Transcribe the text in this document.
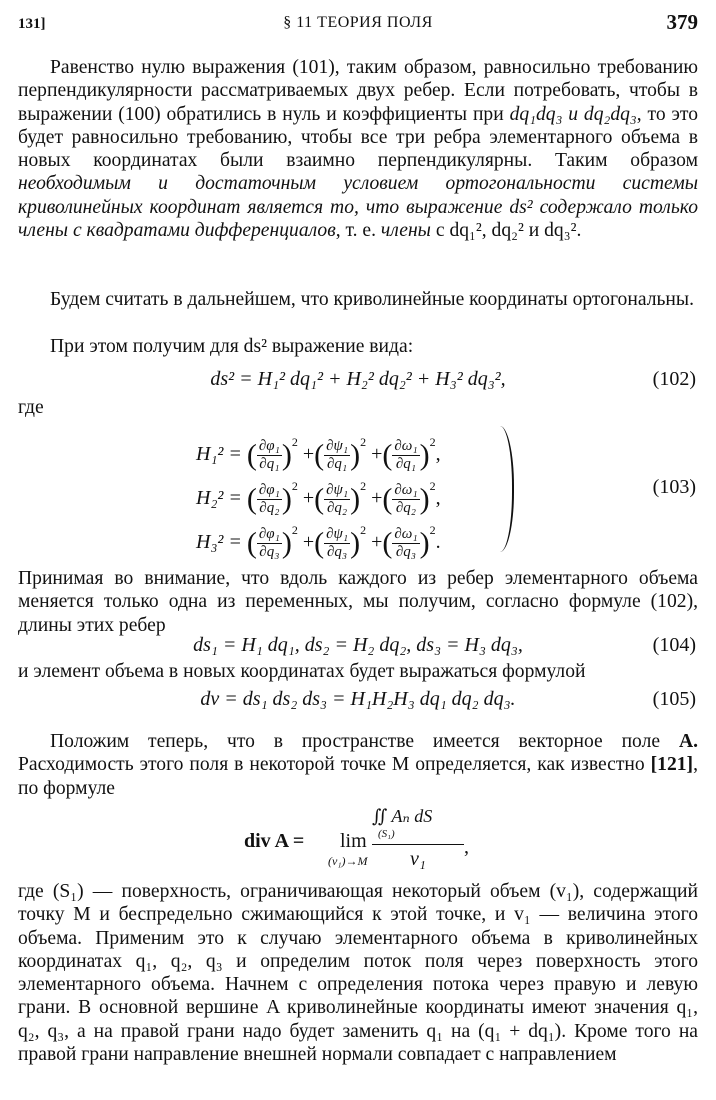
131]	§ 11 ТЕОРИЯ ПОЛЯ	379
Равенство нулю выражения (101), таким образом, равносильно требованию перпендикулярности рассматриваемых двух ребер. Если потребовать, чтобы в выражении (100) обратились в нуль и коэффициенты при dq₁dq₃ и dq₂dq₃, то это будет равносильно требованию, чтобы все три ребра элементарного объема в новых координатах были взаимно перпендикулярны. Таким образом необходимым и достаточным условием ортогональности системы криволинейных координат является то, что выражение ds² содержало только члены с квадратами дифференциалов, т. е. члены с dq₁², dq₂² и dq₃².
Будем считать в дальнейшем, что криволинейные координаты ортогональны.
При этом получим для ds² выражение вида:
ds² = H₁² dq₁² + H₂² dq₂² + H₃² dq₃²,	(102)
где
H₁² = ( $\frac{\text{∂φ₁}}{\text{∂q₁}} )^2$ +( $\frac{\text{∂ψ₁}}{\text{∂q₁}} )^2$ +( $\frac{\text{∂ω₁}}{\text{∂q₁}} )^2$,
H₂² = ( $\frac{\text{∂φ₁}}{\text{∂q₂}} )^2$ +( $\frac{\text{∂ψ₁}}{\text{∂q₂}} )^2$ +( $\frac{\text{∂ω₁}}{\text{∂q₂}} )^2$,
H₃² = ( $\frac{\text{∂φ₁}}{\text{∂q₃}} )^2$ +( $\frac{\text{∂ψ₁}}{\text{∂q₃}} )^2$ +( $\frac{\text{∂ω₁}}{\text{∂q₃}} )^2$.
(103)
Принимая во внимание, что вдоль каждого из ребер элементарного объема меняется только одна из переменных, мы получим, согласно формуле (102), длины этих ребер
ds₁ = H₁ dq₁, ds₂ = H₂ dq₂, ds₃ = H₃ dq₃,	(104)
и элемент объема в новых координатах будет выражаться формулой
dv = ds₁ ds₂ ds₃ = H₁H₂H₃ dq₁ dq₂ dq₃.	(105)
Положим теперь, что в пространстве имеется векторное поле A. Расходимость этого поля в некоторой точке M определяется, как известно [121], по формуле
div A = lim
(v₁)→M
∬ Aₙ dS
(S₁)
v₁
,
где (S₁) — поверхность, ограничивающая некоторый объем (v₁), содержащий точку M и беспредельно сжимающийся к этой точке, и v₁ — величина этого объема. Применим это к случаю элементарного объема в криволинейных координатах q₁, q₂, q₃ и определим поток поля через поверхность этого элементарного объема. Начнем с определения потока через правую и левую грани. В основной вершине A криволинейные координаты имеют значения q₁, q₂, q₃, а на правой грани надо будет заменить q₁ на (q₁ + dq₁). Кроме того на правой грани направление внешней нормали совпадает с направлением
